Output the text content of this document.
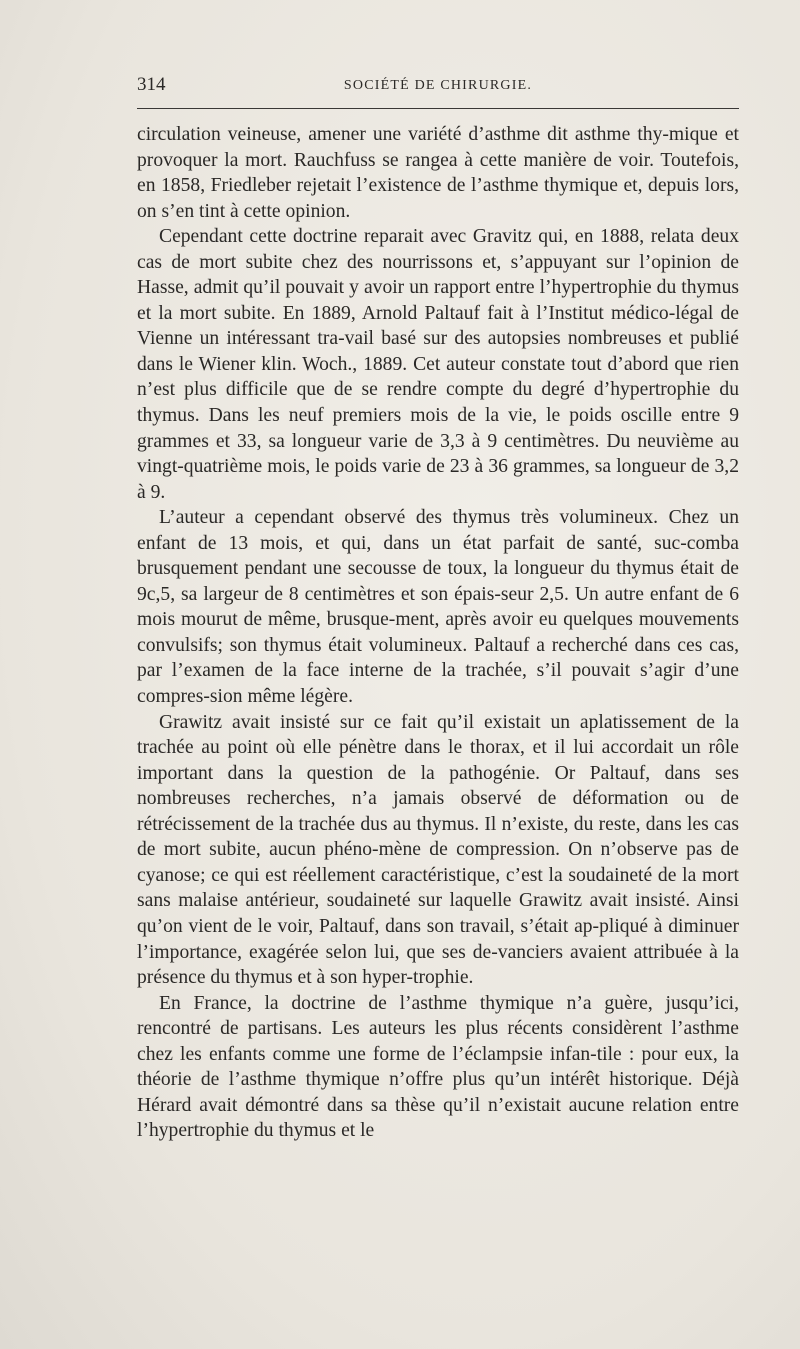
314	SOCIÉTÉ DE CHIRURGIE.

circulation veineuse, amener une variété d’asthme dit asthme thy-mique et provoquer la mort. Rauchfuss se rangea à cette manière de voir. Toutefois, en 1858, Friedleber rejetait l’existence de l’asthme thymique et, depuis lors, on s’en tint à cette opinion.

Cependant cette doctrine reparait avec Gravitz qui, en 1888, relata deux cas de mort subite chez des nourrissons et, s’appuyant sur l’opinion de Hasse, admit qu’il pouvait y avoir un rapport entre l’hypertrophie du thymus et la mort subite. En 1889, Arnold Paltauf fait à l’Institut médico-légal de Vienne un intéressant tra-vail basé sur des autopsies nombreuses et publié dans le Wiener klin. Woch., 1889. Cet auteur constate tout d’abord que rien n’est plus difficile que de se rendre compte du degré d’hypertrophie du thymus. Dans les neuf premiers mois de la vie, le poids oscille entre 9 grammes et 33, sa longueur varie de 3,3 à 9 centimètres. Du neuvième au vingt-quatrième mois, le poids varie de 23 à 36 grammes, sa longueur de 3,2 à 9.

L’auteur a cependant observé des thymus très volumineux. Chez un enfant de 13 mois, et qui, dans un état parfait de santé, suc-comba brusquement pendant une secousse de toux, la longueur du thymus était de 9c,5, sa largeur de 8 centimètres et son épais-seur 2,5. Un autre enfant de 6 mois mourut de même, brusque-ment, après avoir eu quelques mouvements convulsifs; son thymus était volumineux. Paltauf a recherché dans ces cas, par l’examen de la face interne de la trachée, s’il pouvait s’agir d’une compres-sion même légère.

Grawitz avait insisté sur ce fait qu’il existait un aplatissement de la trachée au point où elle pénètre dans le thorax, et il lui accordait un rôle important dans la question de la pathogénie. Or Paltauf, dans ses nombreuses recherches, n’a jamais observé de déformation ou de rétrécissement de la trachée dus au thymus. Il n’existe, du reste, dans les cas de mort subite, aucun phéno-mène de compression. On n’observe pas de cyanose; ce qui est réellement caractéristique, c’est la soudaineté de la mort sans malaise antérieur, soudaineté sur laquelle Grawitz avait insisté. Ainsi qu’on vient de le voir, Paltauf, dans son travail, s’était ap-pliqué à diminuer l’importance, exagérée selon lui, que ses de-vanciers avaient attribuée à la présence du thymus et à son hyper-trophie.

En France, la doctrine de l’asthme thymique n’a guère, jusqu’ici, rencontré de partisans. Les auteurs les plus récents considèrent l’asthme chez les enfants comme une forme de l’éclampsie infan-tile : pour eux, la théorie de l’asthme thymique n’offre plus qu’un intérêt historique. Déjà Hérard avait démontré dans sa thèse qu’il n’existait aucune relation entre l’hypertrophie du thymus et le
